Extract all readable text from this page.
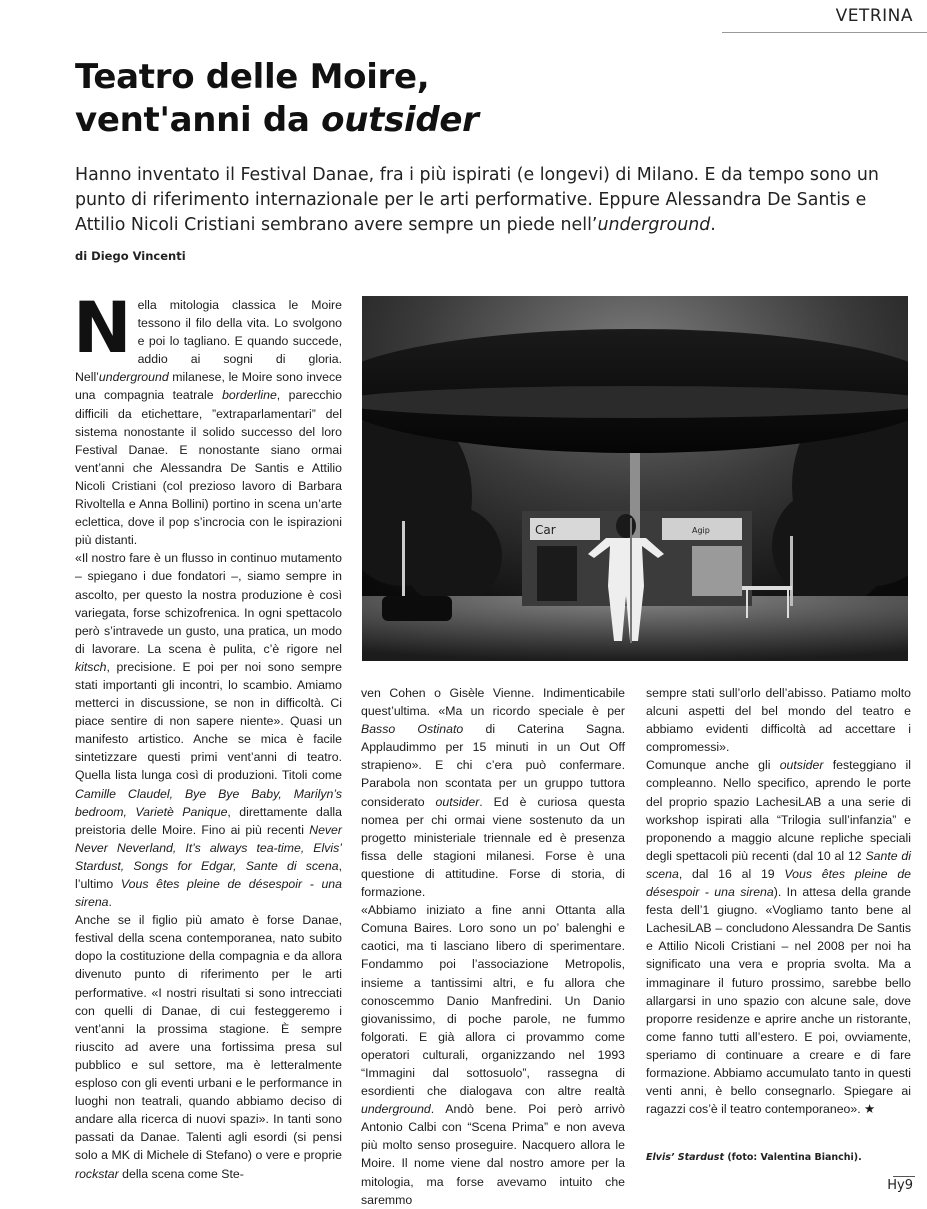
VETRINA
Teatro delle Moire,
vent'anni da outsider
Hanno inventato il Festival Danae, fra i più ispirati (e longevi) di Milano. E da tempo sono un punto di riferimento internazionale per le arti performative. Eppure Alessandra De Santis e Attilio Nicoli Cristiani sembrano avere sempre un piede nell’underground.
di Diego Vincenti

Nella mitologia classica le Moire tessono il filo della vita. Lo svolgono e poi lo tagliano. E quando succede, addio ai sogni di gloria. Nell’underground milanese, le Moire sono invece una compagnia teatrale borderline, parecchio difficili da etichettare, ”extraparlamentari” del sistema nonostante il solido successo del loro Festival Danae. E nonostante siano ormai vent’anni che Alessandra De Santis e Attilio Nicoli Cristiani (col prezioso lavoro di Barbara Rivoltella e Anna Bollini) portino in scena un’arte eclettica, dove il pop s’incrocia con le ispirazioni più distanti.

«Il nostro fare è un flusso in continuo mutamento – spiegano i due fondatori –, siamo sempre in ascolto, per questo la nostra produzione è così variegata, forse schizofrenica. In ogni spettacolo però s’intravede un gusto, una pratica, un modo di lavorare. La scena è pulita, c’è rigore nel kitsch, precisione. E poi per noi sono sempre stati importanti gli incontri, lo scambio. Amiamo metterci in discussione, se non in difficoltà. Ci piace sentire di non sapere niente». Quasi un manifesto artistico. Anche se mica è facile sintetizzare questi primi vent’anni di teatro. Quella lista lunga così di produzioni. Titoli come Camille Claudel, Bye Bye Baby, Marilyn’s bedroom, Varietè Panique, direttamente dalla preistoria delle Moire. Fino ai più recenti Never Never Neverland, It’s always tea-time, Elvis’ Stardust, Songs for Edgar, Sante di scena, l’ultimo Vous êtes pleine de désespoir - una sirena.

Anche se il figlio più amato è forse Danae, festival della scena contemporanea, nato subito dopo la costituzione della compagnia e da allora divenuto punto di riferimento per le arti performative. «I nostri risultati si sono intrecciati con quelli di Danae, di cui festeggeremo i vent’anni la prossima stagione. È sempre riuscito ad avere una fortissima presa sul pubblico e sul settore, ma è letteralmente esploso con gli eventi urbani e le performance in luoghi non teatrali, quando abbiamo deciso di andare alla ricerca di nuovi spazi». In tanti sono passati da Danae. Talenti agli esordi (si pensi solo a MK di Michele di Stefano) o vere e proprie rockstar della scena come Ste-

Car	Agip

ven Cohen o Gisèle Vienne. Indimenticabile quest’ultima. «Ma un ricordo speciale è per Basso Ostinato di Caterina Sagna. Applaudimmo per 15 minuti in un Out Off strapieno». E chi c’era può confermare. Parabola non scontata per un gruppo tuttora considerato outsider. Ed è curiosa questa nomea per chi ormai viene sostenuto da un progetto ministeriale triennale ed è presenza fissa delle stagioni milanesi. Forse è una questione di attitudine. Forse di storia, di formazione.

«Abbiamo iniziato a fine anni Ottanta alla Comuna Baires. Loro sono un po’ balenghi e caotici, ma ti lasciano libero di sperimentare. Fondammo poi l’associazione Metropolis, insieme a tantissimi altri, e fu allora che conoscemmo Danio Manfredini. Un Danio giovanissimo, di poche parole, ne fummo folgorati. E già allora ci provammo come operatori culturali, organizzando nel 1993 “Immagini dal sottosuolo”, rassegna di esordienti che dialogava con altre realtà underground. Andò bene. Poi però arrivò Antonio Calbi con “Scena Prima” e non aveva più molto senso proseguire. Nacquero allora le Moire. Il nome viene dal nostro amore per la mitologia, ma forse avevamo intuito che saremmo

sempre stati sull’orlo dell’abisso. Patiamo molto alcuni aspetti del bel mondo del teatro e abbiamo evidenti difficoltà ad accettare i compromessi».

Comunque anche gli outsider festeggiano il compleanno. Nello specifico, aprendo le porte del proprio spazio LachesiLAB a una serie di workshop ispirati alla “Trilogia sull’infanzia” e proponendo a maggio alcune repliche speciali degli spettacoli più recenti (dal 10 al 12 Sante di scena, dal 16 al 19 Vous êtes pleine de désespoir - una sirena). In attesa della grande festa dell’1 giugno. «Vogliamo tanto bene al LachesiLAB – concludono Alessandra De Santis e Attilio Nicoli Cristiani – nel 2008 per noi ha significato una vera e propria svolta. Ma a immaginare il futuro prossimo, sarebbe bello allargarsi in uno spazio con alcune sale, dove proporre residenze e aprire anche un ristorante, come fanno tutti all’estero. E poi, ovviamente, speriamo di continuare a creare e di fare formazione. Abbiamo accumulato tanto in questi venti anni, è bello consegnarlo. Spiegare ai ragazzi cos’è il teatro contemporaneo». ★

Elvis’ Stardust (foto: Valentina Bianchi).
Hy9
